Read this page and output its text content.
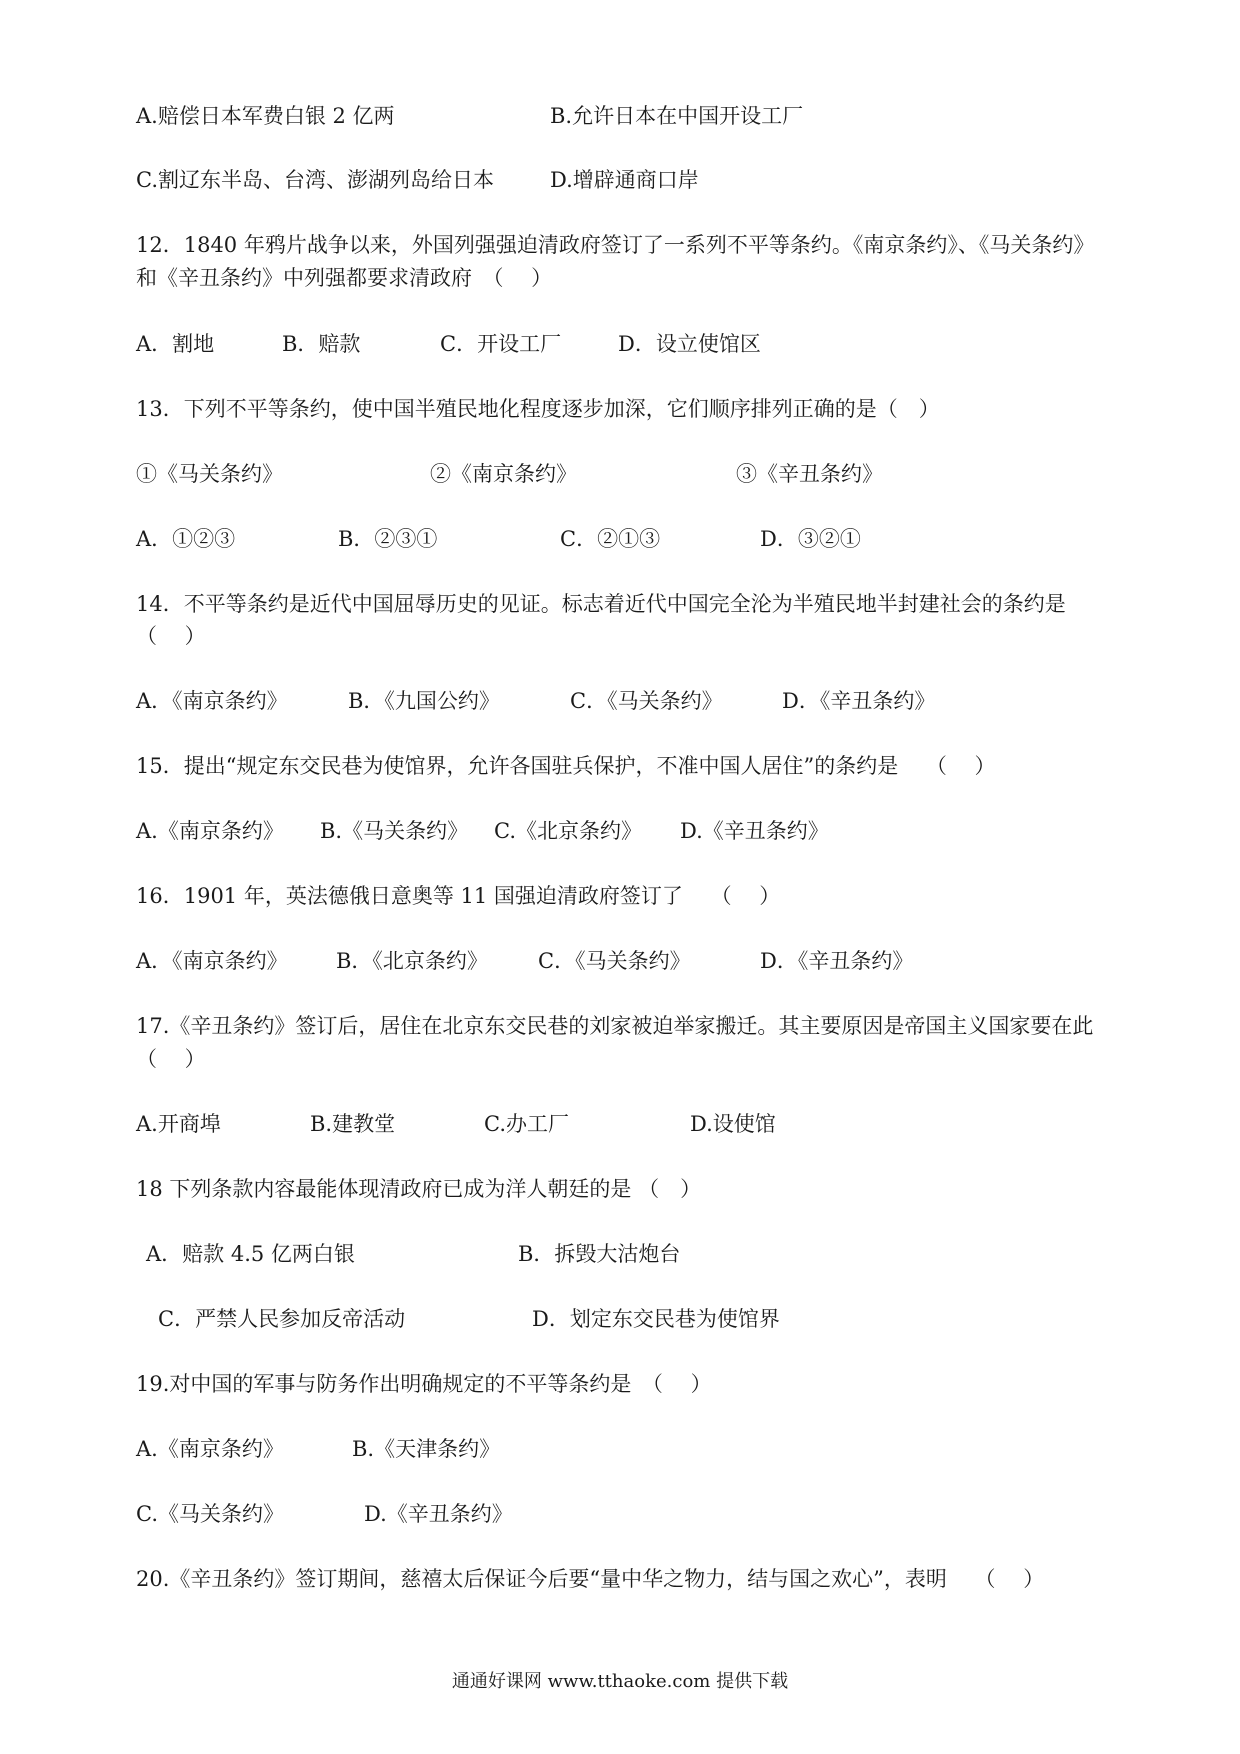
A.赔偿日本军费白银 2 亿两	B.允许日本在中国开设工厂
C.割辽东半岛、台湾、澎湖列岛给日本	D.增辟通商口岸
12．1840 年鸦片战争以来，外国列强强迫清政府签订了一系列不平等条约。《南京条约》、《马关条约》
和《辛丑条约》中列强都要求清政府　（　 ）
A．割地	B．赔款	C．开设工厂	D．设立使馆区
13．下列不平等条约，使中国半殖民地化程度逐步加深，它们顺序排列正确的是（　）
①《马关条约》	②《南京条约》	③《辛丑条约》
A．①②③	B．②③①	C．②①③	D．③②①
14．不平等条约是近代中国屈辱历史的见证。标志着近代中国完全沦为半殖民地半封建社会的条约是
（　 ）
A．《南京条约》	B．《九国公约》	C．《马关条约》	D．《辛丑条约》
15．提出“规定东交民巷为使馆界，允许各国驻兵保护，不准中国人居住”的条约是　 （　 ）
A.《南京条约》 B.《马关条约》 C.《北京条约》 D.《辛丑条约》
16．1901 年，英法德俄日意奥等 11 国强迫清政府签订了　 （　 ）
A．《南京条约》 B．《北京条约》 C．《马关条约》	D．《辛丑条约》
17.《辛丑条约》签订后，居住在北京东交民巷的刘家被迫举家搬迁。其主要原因是帝国主义国家要在此
（　 ）
A.开商埠	B.建教堂	C.办工厂	D.设使馆
18 下列条款内容最能体现清政府已成为洋人朝廷的是 （　）
A．赔款 4.5 亿两白银	B．拆毁大沽炮台
C．严禁人民参加反帝活动	D．划定东交民巷为使馆界
19.对中国的军事与防务作出明确规定的不平等条约是　（　 ）
A.《南京条约》	B.《天津条约》
C.《马关条约》	D.《辛丑条约》
20.《辛丑条约》签订期间，慈禧太后保证今后要“量中华之物力，结与国之欢心”，表明　 （　 ）
通通好课网 www.tthaoke.com 提供下载
